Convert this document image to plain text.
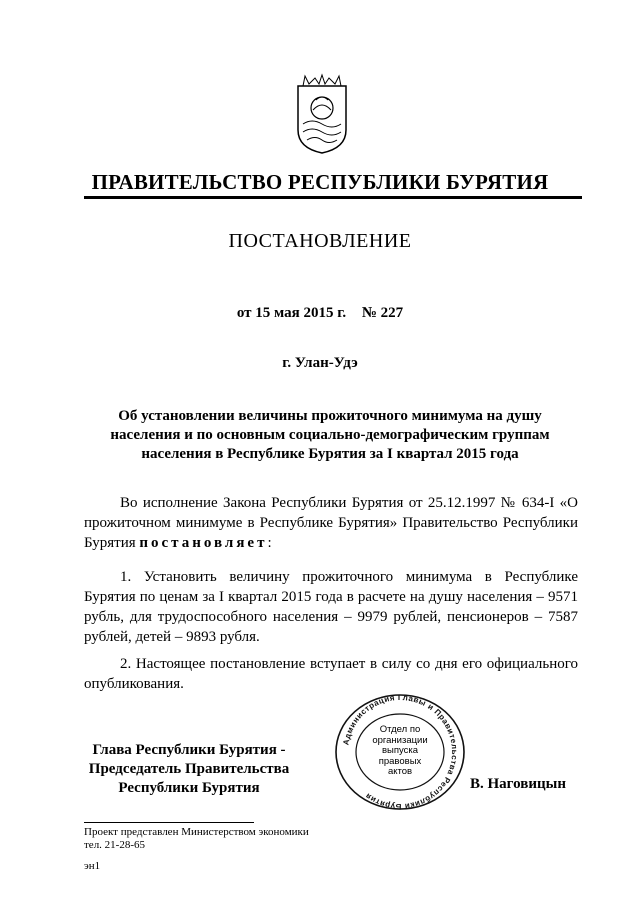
ПРАВИТЕЛЬСТВО РЕСПУБЛИКИ БУРЯТИЯ
ПОСТАНОВЛЕНИЕ
от 15 мая 2015 г. № 227
г. Улан-Удэ
Об установлении величины прожиточного минимума на душу населения и по основным социально-демографическим группам населения в Республике Бурятия за I квартал 2015 года
Во исполнение Закона Республики Бурятия от 25.12.1997 № 634-I «О прожиточном минимуме в Республике Бурятия» Правительство Республики Бурятия постановляет:
1. Установить величину прожиточного минимума в Республике Бурятия по ценам за I квартал 2015 года в расчете на душу населения – 9571 рубль, для трудоспособного населения – 9979 рублей, пенсионеров – 7587 рублей, детей – 9893 рубля.
2. Настоящее постановление вступает в силу со дня его официального опубликования.
Глава Республики Бурятия -
Председатель Правительства
Республики Бурятия
Администрация Главы и Правительства Республики Бурятия
Отдел по
организации
выпуска
правовых
актов
В. Наговицын
Проект представлен Министерством экономики
тел. 21-28-65
эн1
